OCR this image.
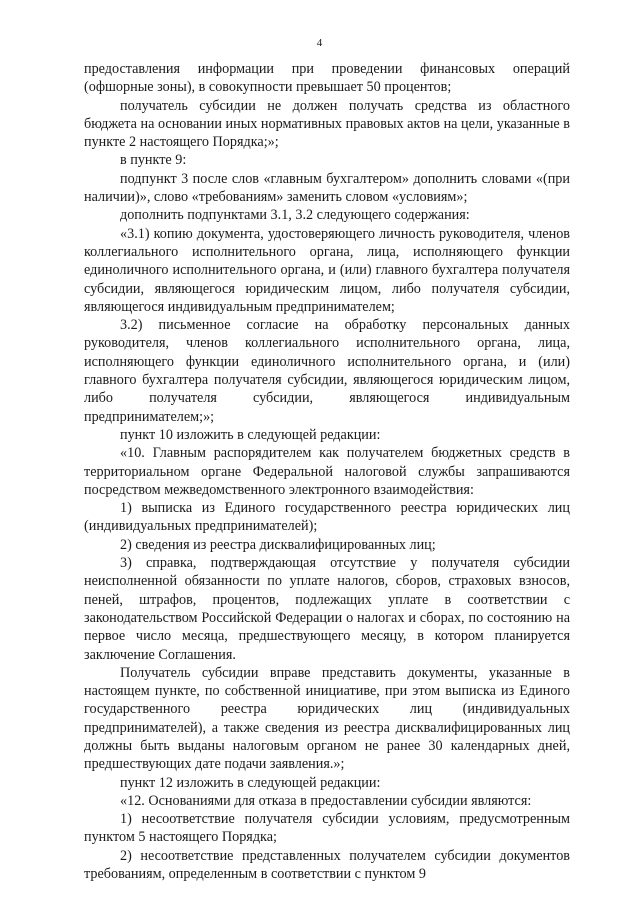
4

предоставления информации при проведении финансовых операций (офшорные зоны), в совокупности превышает 50 процентов;

получатель субсидии не должен получать средства из областного бюджета на основании иных нормативных правовых актов на цели, указанные в пункте 2 настоящего Порядка;»;

в пункте 9:

подпункт 3 после слов «главным бухгалтером» дополнить словами «(при наличии)», слово «требованиям» заменить словом «условиям»;

дополнить подпунктами 3.1, 3.2 следующего содержания:

«3.1) копию документа, удостоверяющего личность руководителя, членов коллегиального исполнительного органа, лица, исполняющего функции единоличного исполнительного органа, и (или) главного бухгалтера получателя субсидии, являющегося юридическим лицом, либо получателя субсидии, являющегося индивидуальным предпринимателем;

3.2) письменное согласие на обработку персональных данных руководителя, членов коллегиального исполнительного органа, лица, исполняющего функции единоличного исполнительного органа, и (или) главного бухгалтера получателя субсидии, являющегося юридическим лицом, либо получателя субсидии, являющегося индивидуальным предпринимателем;»;

пункт 10 изложить в следующей редакции:

«10. Главным распорядителем как получателем бюджетных средств в территориальном органе Федеральной налоговой службы запрашиваются посредством межведомственного электронного взаимодействия:

1) выписка из Единого государственного реестра юридических лиц (индивидуальных предпринимателей);

2) сведения из реестра дисквалифицированных лиц;

3) справка, подтверждающая отсутствие у получателя субсидии неисполненной обязанности по уплате налогов, сборов, страховых взносов, пеней, штрафов, процентов, подлежащих уплате в соответствии с законодательством Российской Федерации о налогах и сборах, по состоянию на первое число месяца, предшествующего месяцу, в котором планируется заключение Соглашения.

Получатель субсидии вправе представить документы, указанные в настоящем пункте, по собственной инициативе, при этом выписка из Единого государственного реестра юридических лиц (индивидуальных предпринимателей), а также сведения из реестра дисквалифицированных лиц должны быть выданы налоговым органом не ранее 30 календарных дней, предшествующих дате подачи заявления.»;

пункт 12 изложить в следующей редакции:

«12. Основаниями для отказа в предоставлении субсидии являются:

1) несоответствие получателя субсидии условиям, предусмотренным пунктом 5 настоящего Порядка;

2) несоответствие представленных получателем субсидии документов требованиям, определенным в соответствии с пунктом 9
